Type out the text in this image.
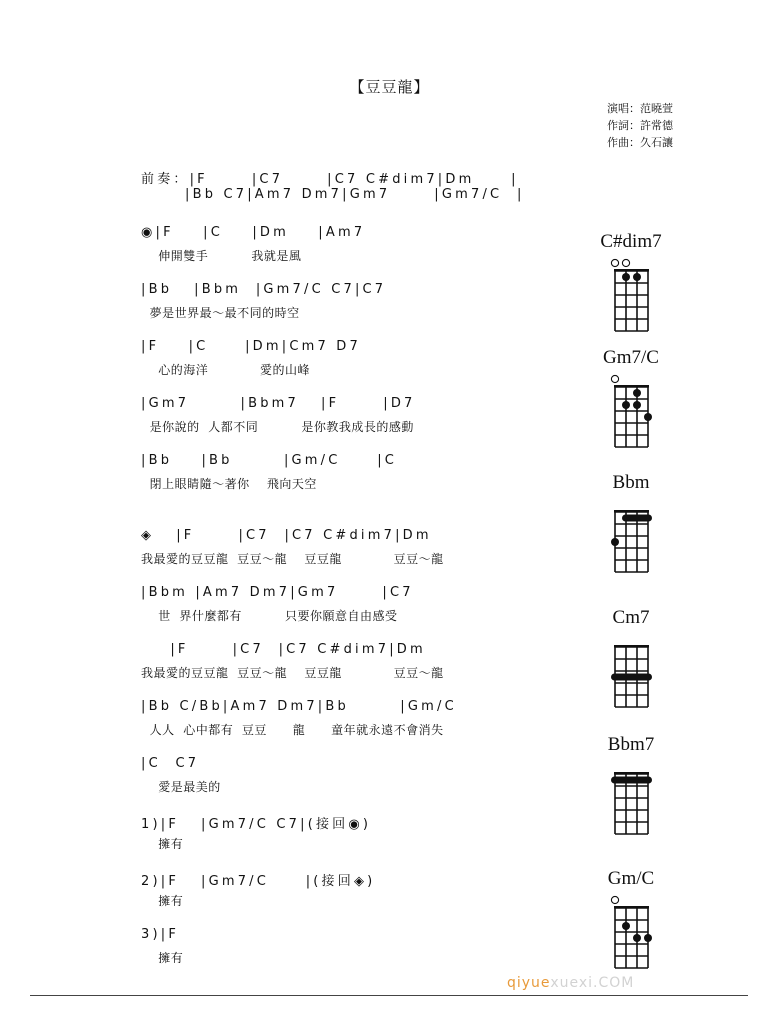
【豆豆龍】
演唱：范曉萱
作詞：許常德
作曲：久石讓
前奏：|F      |C7      |C7 C#dim7|Dm     |
|Bb C7|Am7 Dm7|Gm7      |Gm7/C  |
◉|F    |C    |Dm    |Am7
伸開雙手          我就是風
|Bb   |Bbm  |Gm7/C C7|C7
夢是世界最～最不同的時空
|F    |C     |Dm|Cm7 D7
心的海洋            愛的山峰
|Gm7       |Bbm7   |F      |D7
是你說的  人都不同          是你教我成長的感動
|Bb    |Bb       |Gm/C     |C
閉上眼睛隨～著你    飛向天空
◈   |F      |C7  |C7 C#dim7|Dm
我最愛的豆豆龍  豆豆～龍    豆豆龍            豆豆～龍
|Bbm |Am7 Dm7|Gm7      |C7
世  界什麼都有          只要你願意自由感受
|F      |C7  |C7 C#dim7|Dm
我最愛的豆豆龍  豆豆～龍    豆豆龍            豆豆～龍
|Bb C/Bb|Am7 Dm7|Bb       |Gm/C
人人  心中都有  豆豆      龍      童年就永遠不會消失
|C  C7
愛是最美的
1)|F   |Gm7/C C7|(接回◉)
擁有
2)|F   |Gm7/C     |(接回◈)
擁有
3)|F
擁有
C#dim7
Gm7/C
Bbm
Cm7
Bbm7
Gm/C
qiyuexuexi.COM
